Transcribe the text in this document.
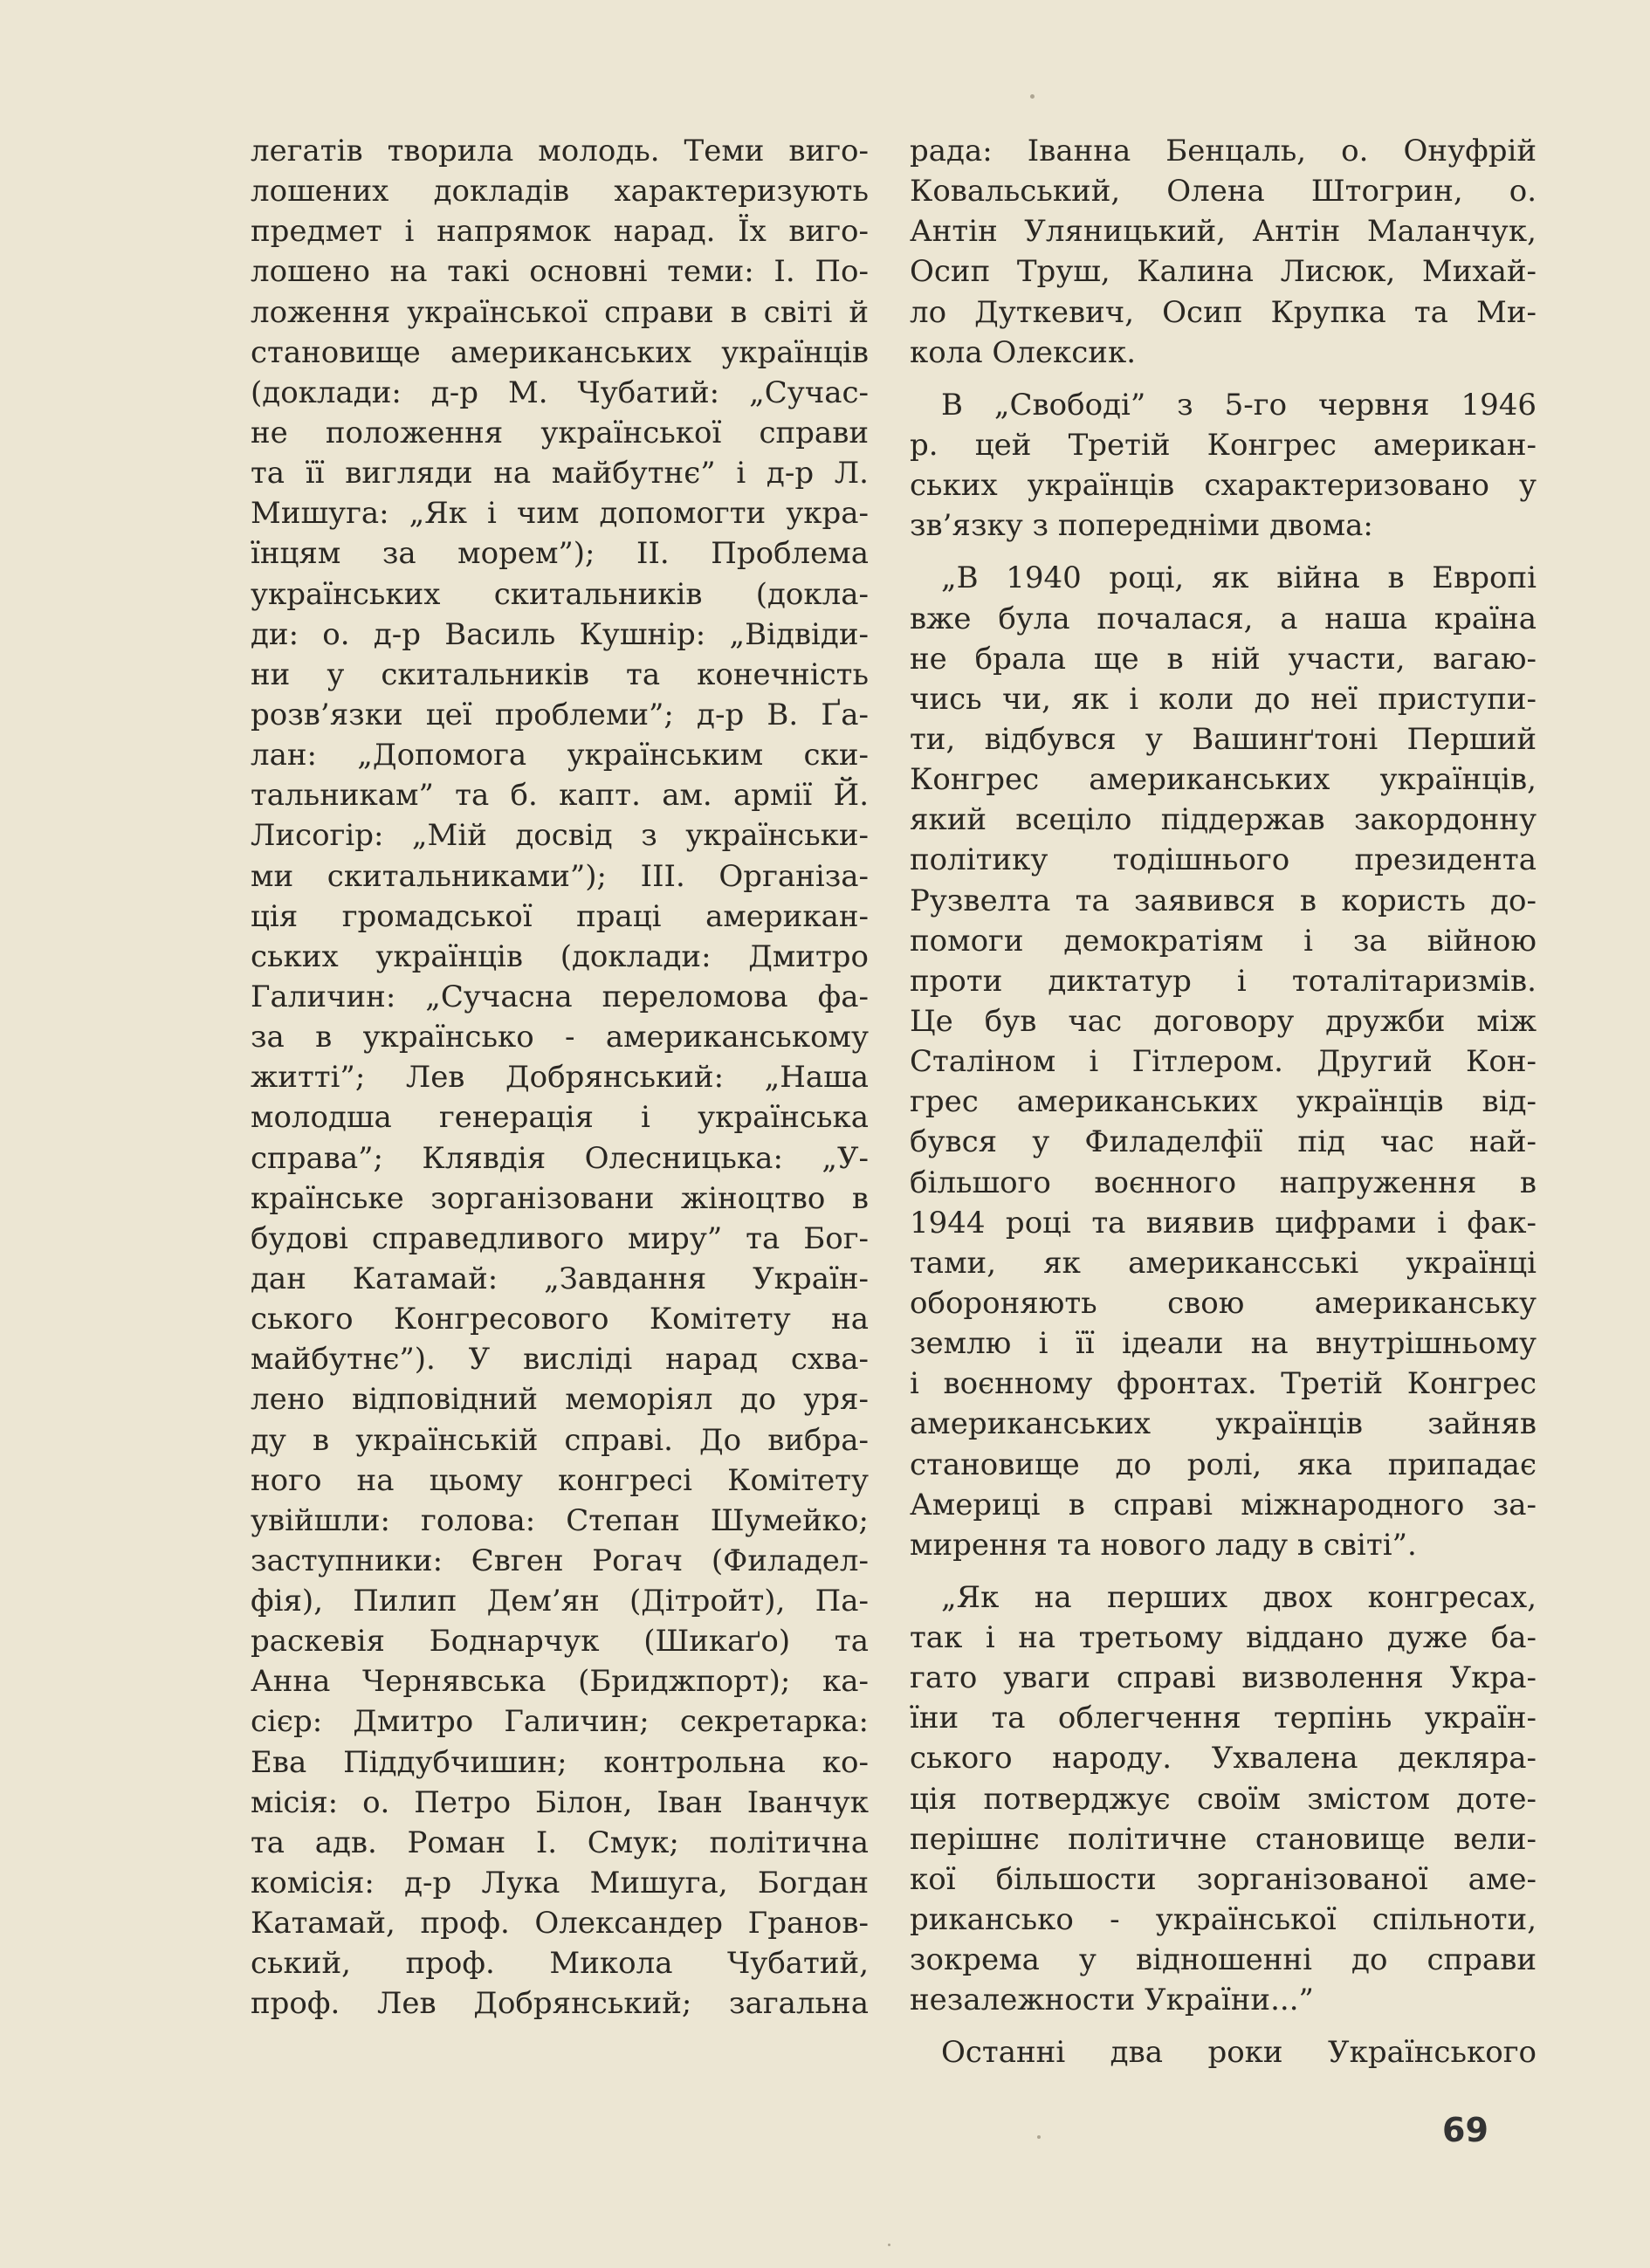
легатів творила молодь. Теми виго-
лошених докладів характеризують
предмет і напрямок нарад. Їх виго-
лошено на такі основні теми: І. По-
ложення української справи в світі й
становище американських українців
(доклади: д-р М. Чубатий: „Сучас-
не положення української справи
та її вигляди на майбутнє” і д-р Л.
Мишуга: „Як і чим допомогти укра-
їнцям за морем”); ІІ. Проблема
українських скитальників (доклa-
ди: о. д-р Василь Кушнір: „Відвіди-
ни у скитальників та конечність
розв’язки цеї проблеми”; д-р В. Ґа-
лан: „Допомога українським ски-
тальникам” та б. капт. ам. армії Й.
Лисогір: „Мій досвід з українськи-
ми скитальниками”); ІІІ. Організа-
ція громадської праці американ-
ських українців (доклади: Дмитро
Галичин: „Сучасна переломова фа-
за в українсько - американському
житті”; Лев Добрянський: „Наша
молодша генерація і українська
справа”; Клявдія Олесницька: „У-
країнське зорганізовани жіноцтво в
будові справедливого миру” та Бог-
дан Катамай: „Завдання Україн-
ського Конгресового Комітету на
майбутнє”). У висліді нарад схва-
лено відповідний меморіял до уря-
ду в українській справі. До вибра-
ного на цьому конгресі Комітету
увійшли: голова: Степан Шумейко;
заступники: Євген Рогач (Филадел-
фія), Пилип Дем’ян (Дітройт), Па-
раскевія Боднарчук (Шикаґо) та
Анна Чернявська (Бриджпорт); ка-
сієр: Дмитро Галичин; секретарка:
Ева Піддубчишин; контрольна ко-
місія: о. Петро Білон, Іван Іванчук
та адв. Роман І. Смук; політична
комісія: д-р Лука Мишуга, Богдан
Катамай, проф. Олександер Гранов-
ський, проф. Микола Чубатий,
проф. Лев Добрянський; загальна
рада: Іванна Бенцаль, о. Онуфрій
Ковальський, Олена Штогрин, о.
Антін Уляницький, Антін Маланчук,
Осип Труш, Калина Лисюк, Михай-
ло Дуткевич, Осип Крупка та Ми-
кола Олексик.
В „Свободі” з 5-го червня 1946
р. цей Третій Конгрес американ-
ських українців схарактеризовано у
зв’язку з попередніми двома:
„В 1940 році, як війна в Европі
вже була почалася, а наша країна
не брала ще в ній участи, вагаю-
чись чи, як і коли до неї приступи-
ти, відбувся у Вашинґтоні Перший
Конгрес американських українців,
який всеціло піддержав закордонну
політику тодішнього президента
Рузвелта та заявився в користь до-
помоги демократіям і за війною
проти диктатур і тоталітаризмів.
Це був час договору дружби між
Сталіном і Гітлером. Другий Кон-
грес американських українців від-
бувся у Филаделфії під час най-
більшого воєнного напруження в
1944 році та виявив цифрами і фак-
тами, як американсські українці
обороняють свою американську
землю і її ідеали на внутрішньому
і воєнному фронтах. Третій Конгрес
американських українців зайняв
становище до ролі, яка припадає
Америці в справі міжнародного за-
мирення та нового ладу в світі”.
„Як на перших двох конгресах,
так і на третьому віддано дуже ба-
гато уваги справі визволення Укра-
їни та облегчення терпінь україн-
ського народу. Ухвалена деклярa-
ція потверджує своїм змістом доте-
перішнє політичне становище вели-
кої більшости зорганізованої аме-
риканськo - української спільноти,
зокрема у відношенні до справи
незалежности України...”
Останні два роки Українського
69
